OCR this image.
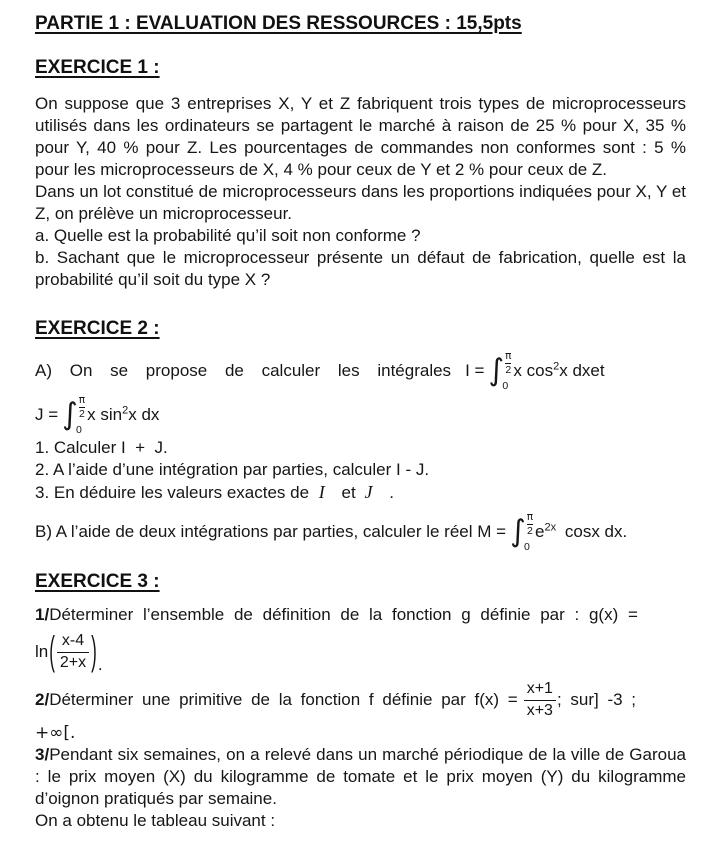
PARTIE 1 : EVALUATION DES RESSOURCES : 15,5pts
EXERCICE 1 :

On suppose que 3 entreprises X, Y et Z fabriquent trois types de microprocesseurs utilisés dans les ordinateurs se partagent le marché à raison de 25 % pour X, 35 % pour Y, 40 % pour Z. Les pourcentages de commandes non conformes sont : 5 % pour les microprocesseurs de X, 4 % pour ceux de Y et 2 % pour ceux de Z.

Dans un lot constitué de microprocesseurs dans les proportions indiquées pour X, Y et Z, on prélève un microprocesseur.

a. Quelle est la probabilité qu’il soit non conforme ?

b. Sachant que le microprocesseur présente un défaut de fabrication, quelle est la probabilité qu’il soit du type X ?

EXERCICE 2 :
A) On se propose de calculer les intégrales I = ∫ $\frac{\pi}{2}$
0
x $\cos^2x$ dxet
J = ∫ $\frac{\pi}{2}$
0
x $\sin^2x$ dx

1. Calculer I  +  J.

2. A l’aide d’une intégration par parties, calculer I - J.

3. En déduire les valeurs exactes de I et J .

B) A l’aide de deux intégrations par parties, calculer le réel M = ∫ $\frac{\pi}{2}$
0
$e^{2x}$ cosx dx.
EXERCICE 3 :

1/Déterminer l’ensemble de définition de la fonction g définie par : g(x) =

ln ( $\frac{x-4}{2+x}$ ) .
2/Déterminer une primitive de la fonction f définie par $f(x) = \frac{x+1}{x+3}$ ; sur] -3 ;

+∞[.

3/Pendant six semaines, on a relevé dans un marché périodique de la ville de Garoua : le prix moyen (X) du kilogramme de tomate et le prix moyen (Y) du kilogramme d’oignon pratiqués par semaine.

On a obtenu le tableau suivant :
